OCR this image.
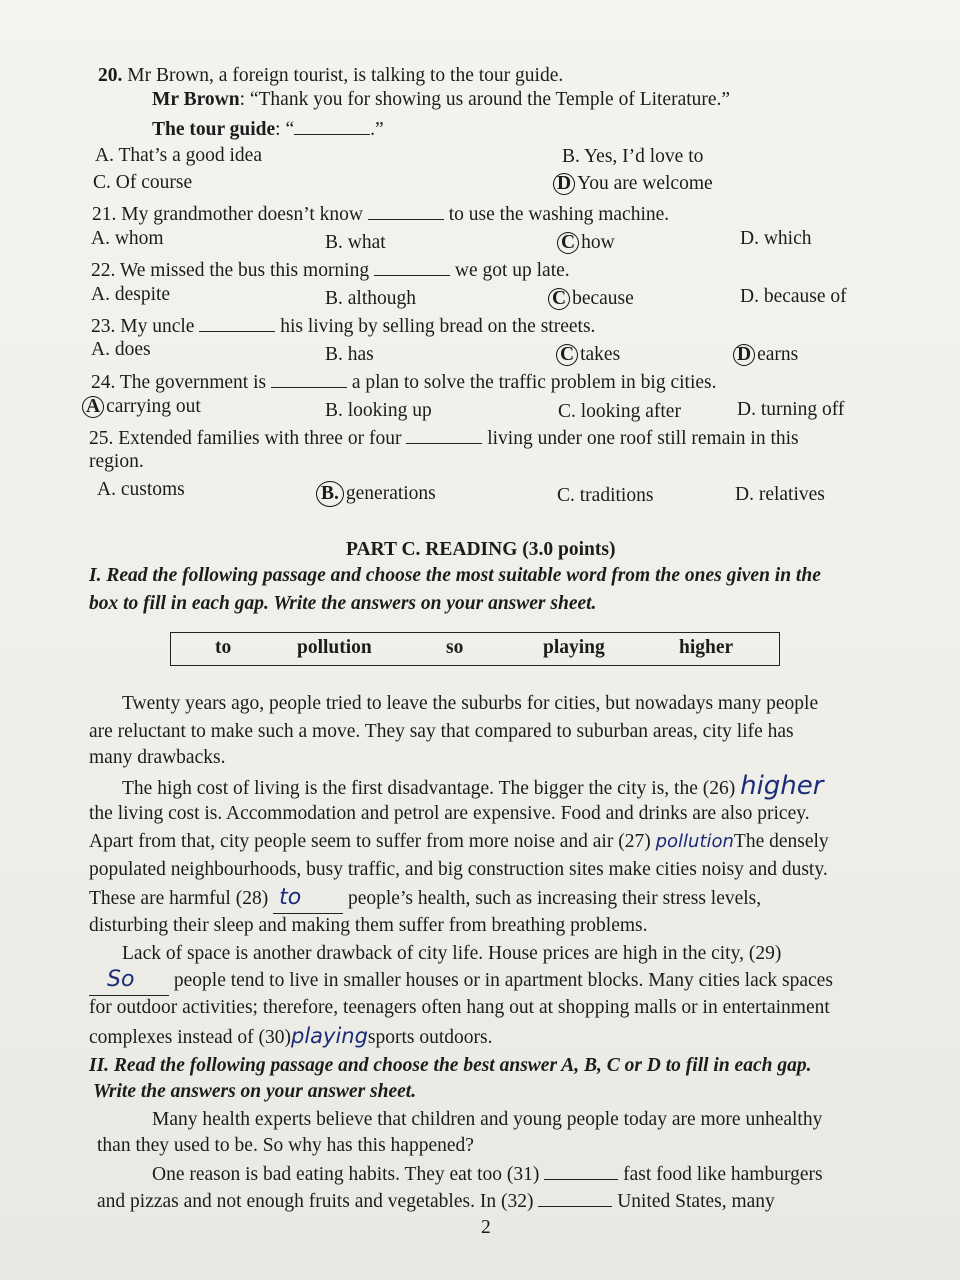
20. Mr Brown, a foreign tourist, is talking to the tour guide.
Mr Brown: “Thank you for showing us around the Temple of Literature.”
The tour guide: “	.”
A. That’s a good idea	B. Yes, I’d love to
C. Of course	D You are welcome
21. My grandmother doesn’t know	to use the washing machine.
A. whom	B. what	C how	D. which
22. We missed the bus this morning	we got up late.
A. despite	B. although	C because	D. because of
23. My uncle	his living by selling bread on the streets.
A. does	B. has	C takes	D earns
24. The government is	a plan to solve the traffic problem in big cities.
A carrying out	B. looking up	C. looking after	D. turning off
25. Extended families with three or four	living under one roof still remain in this
region.
A. customs	B. generations	C. traditions	D. relatives
PART C. READING (3.0 points)
I. Read the following passage and choose the most suitable word from the ones given in the
box to fill in each gap. Write the answers on your answer sheet.
to	pollution	so	playing	higher
Twenty years ago, people tried to leave the suburbs for cities, but nowadays many people
are reluctant to make such a move. They say that compared to suburban areas, city life has
many drawbacks.
The high cost of living is the first disadvantage. The bigger the city is, the (26) higher
the living cost is. Accommodation and petrol are expensive. Food and drinks are also pricey.
Apart from that, city people seem to suffer from more noise and air (27) pollutionThe densely
populated neighbourhoods, busy traffic, and big construction sites make cities noisy and dusty.
These are harmful (28) to people’s health, such as increasing their stress levels,
disturbing their sleep and making them suffer from breathing problems.
Lack of space is another drawback of city life. House prices are high in the city, (29)
So people tend to live in smaller houses or in apartment blocks. Many cities lack spaces
for outdoor activities; therefore, teenagers often hang out at shopping malls or in entertainment
complexes instead of (30)playingsports outdoors.
II. Read the following passage and choose the best answer A, B, C or D to fill in each gap.
Write the answers on your answer sheet.
Many health experts believe that children and young people today are more unhealthy
than they used to be. So why has this happened?
One reason is bad eating habits. They eat too (31)	fast food like hamburgers
and pizzas and not enough fruits and vegetables. In (32)	United States, many
2
